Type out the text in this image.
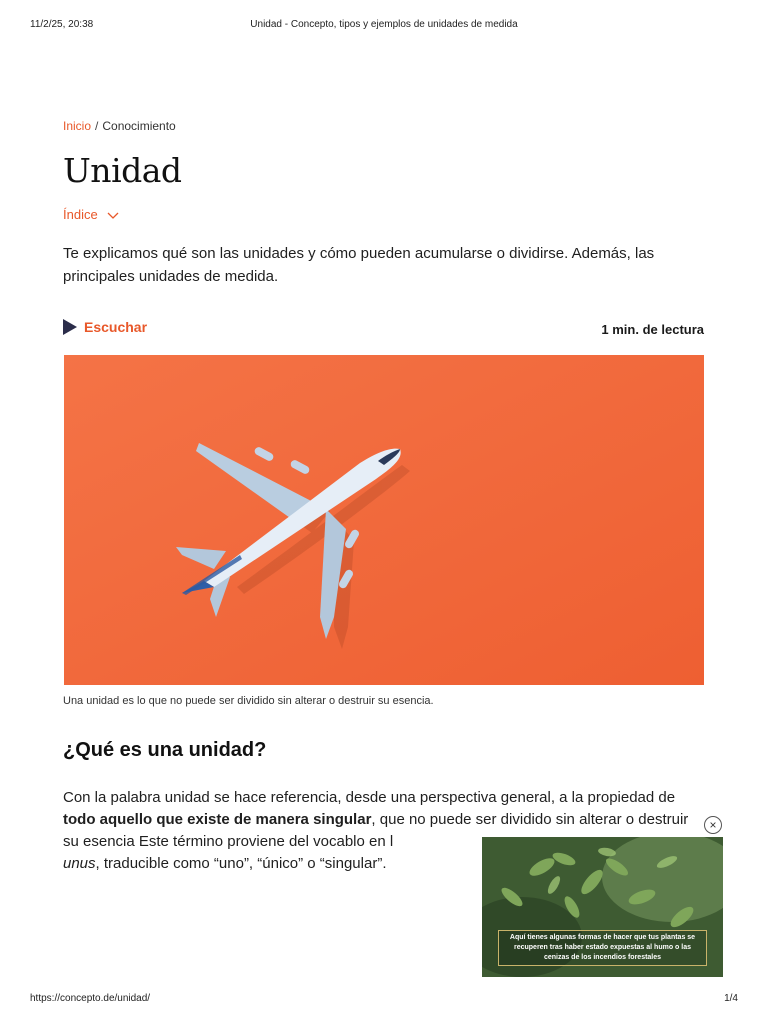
11/2/25, 20:38	Unidad - Concepto, tipos y ejemplos de unidades de medida
Inicio / Conocimiento
Unidad
Índice

Te explicamos qué son las unidades y cómo pueden acumularse o dividirse. Además, las principales unidades de medida.

Escuchar	1 min. de lectura

Una unidad es lo que no puede ser dividido sin alterar o destruir su esencia.

¿Qué es una unidad?

Con la palabra unidad se hace referencia, desde una perspectiva general, a la propiedad de todo aquello que existe de manera singular, que no puede ser dividido sin alterar o destruir su esencia Este término proviene del vocablo en l
unus, traducible como “uno”, “único” o “singular”.

×
Aquí tienes algunas formas de hacer que tus plantas se recuperen tras haber estado expuestas al humo o las cenizas de los incendios forestales
https://concepto.de/unidad/	1/4
